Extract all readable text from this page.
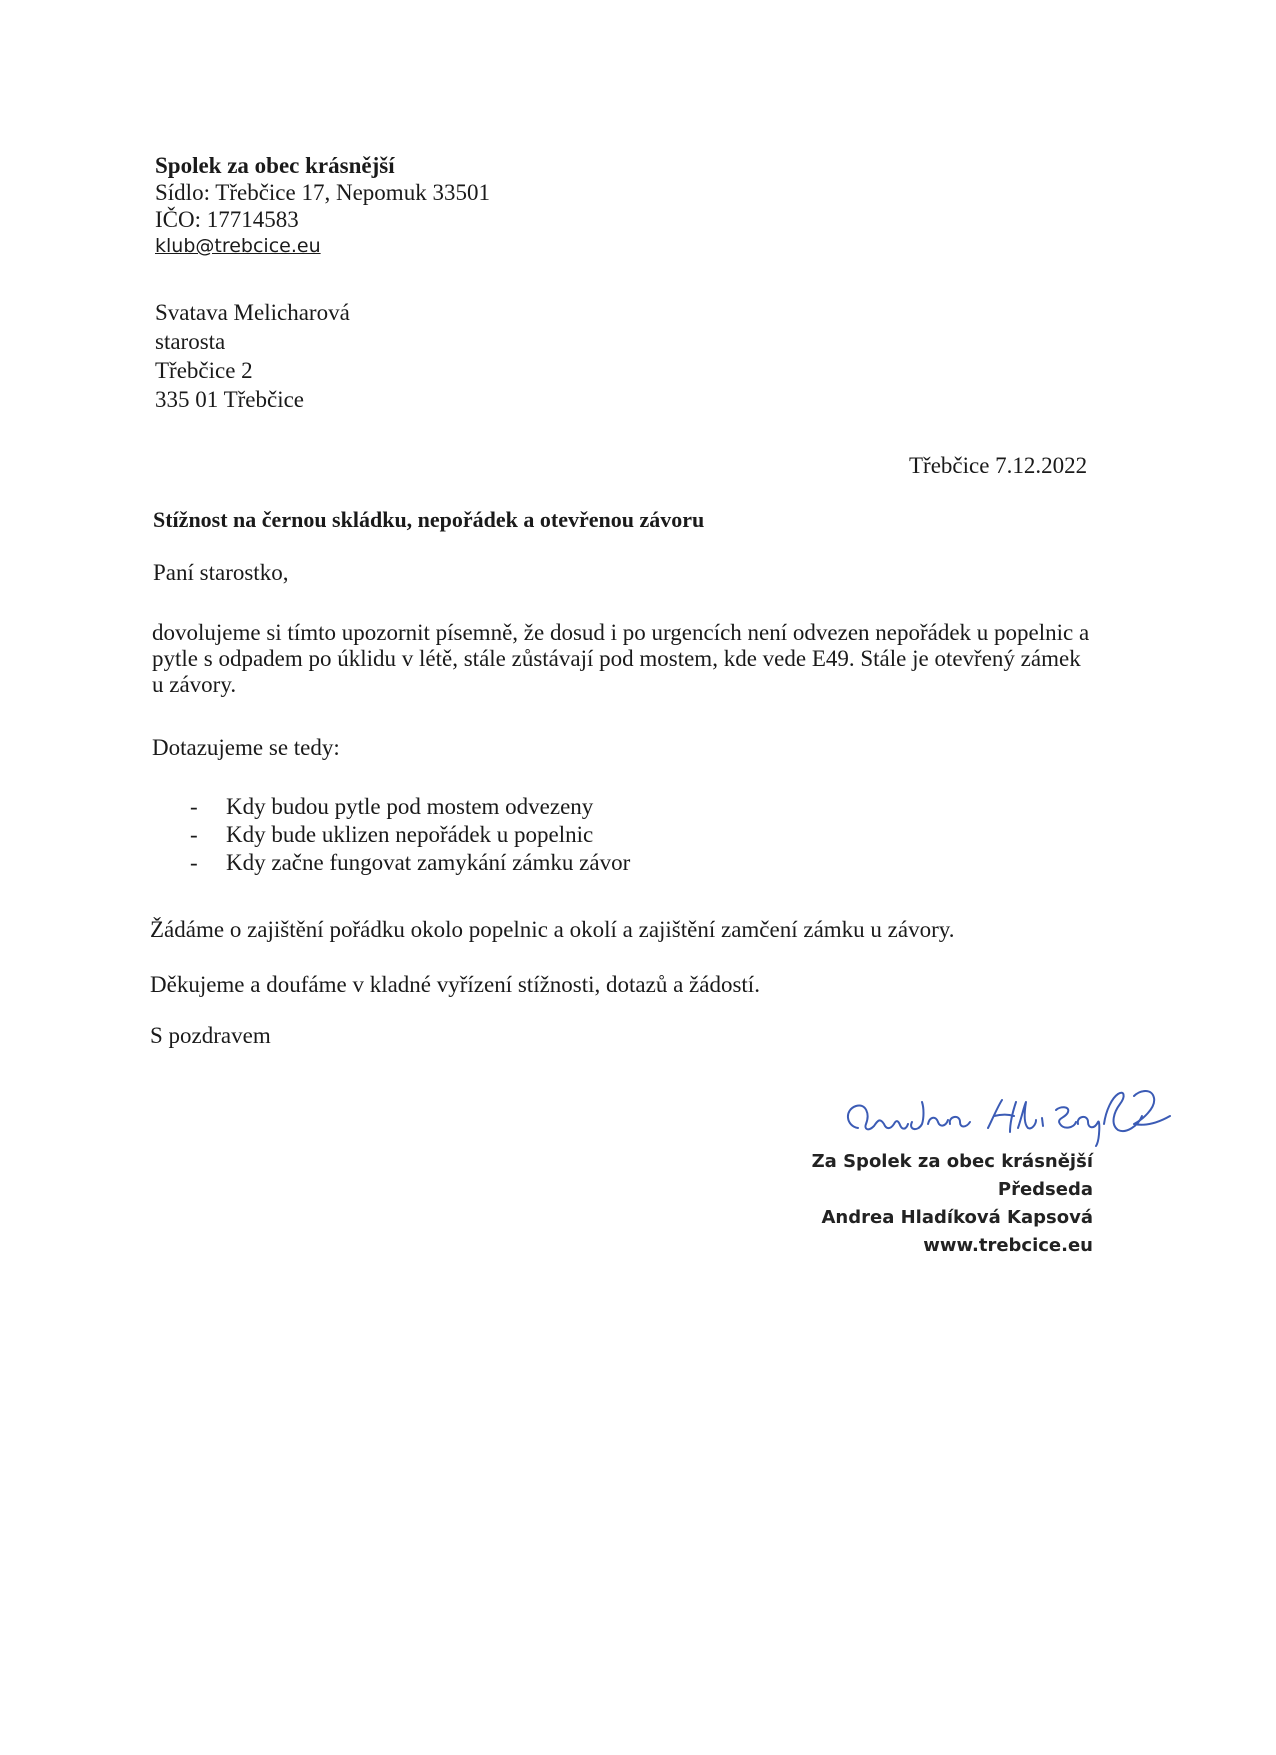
Spolek za obec krásnější
Sídlo: Třebčice 17, Nepomuk 33501
IČO: 17714583
klub@trebcice.eu
Svatava Melicharová
starosta
Třebčice 2
335 01 Třebčice
Třebčice 7.12.2022
Stížnost na černou skládku, nepořádek a otevřenou závoru
Paní starostko,
dovolujeme si tímto upozornit písemně, že dosud i po urgencích není odvezen nepořádek u popelnic a pytle s odpadem po úklidu v létě, stále zůstávají pod mostem, kde vede E49. Stále je otevřený zámek u závory.
Dotazujeme se tedy:
- Kdy budou pytle pod mostem odvezeny
- Kdy bude uklizen nepořádek u popelnic
- Kdy začne fungovat zamykání zámku závor
Žádáme o zajištění pořádku okolo popelnic a okolí a zajištění zamčení zámku u závory.
Děkujeme a doufáme v kladné vyřízení stížnosti, dotazů a žádostí.
S pozdravem
Za Spolek za obec krásnější
Předseda
Andrea Hladíková Kapsová
www.trebcice.eu
